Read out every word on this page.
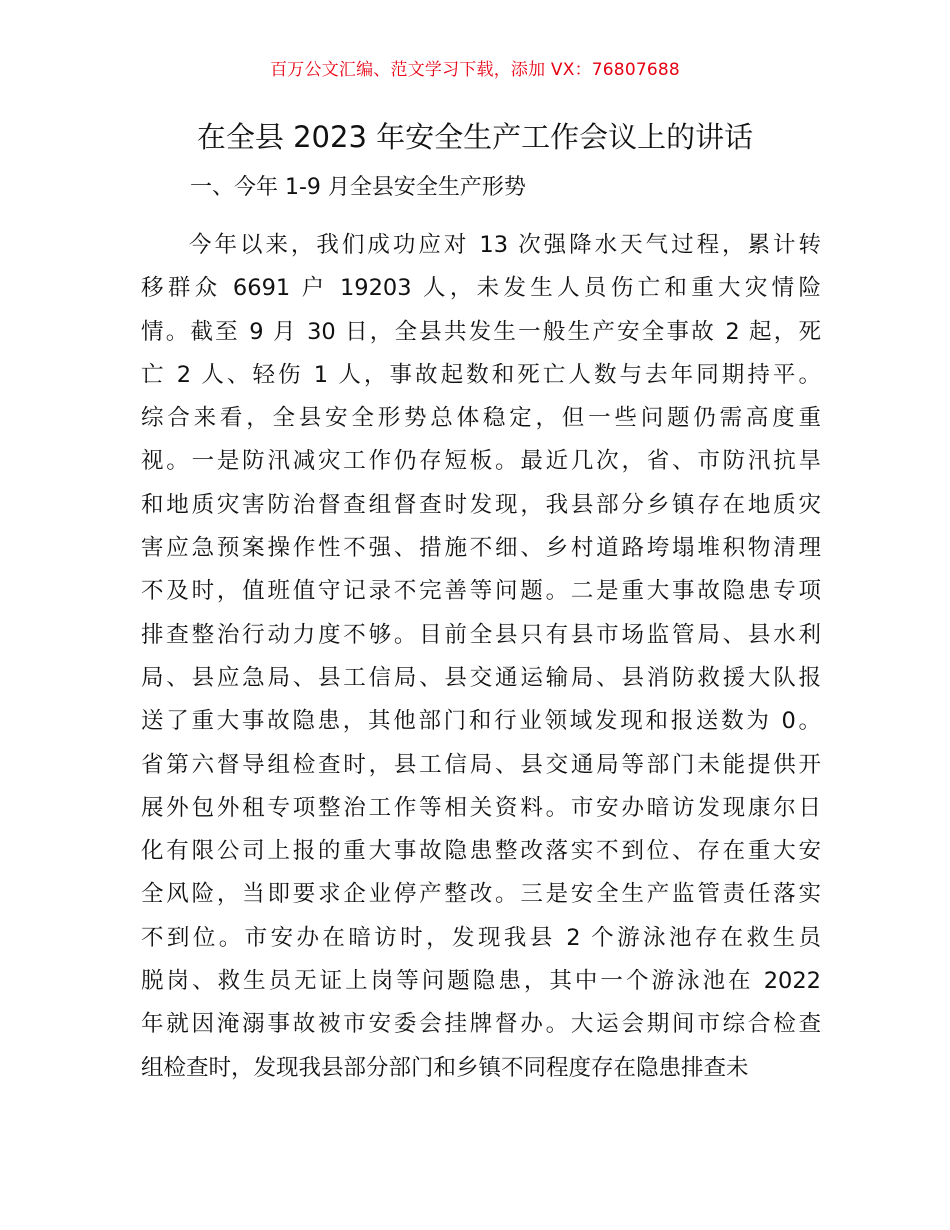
百万公文汇编、范文学习下载，添加 VX：76807688
在全县 2023 年安全生产工作会议上的讲话
一、今年 1-9 月全县安全生产形势
今年以来，我们成功应对 13 次强降水天气过程，累计转
移群众 6691 户 19203 人，未发生人员伤亡和重大灾情险
情。截至 9 月 30 日，全县共发生一般生产安全事故 2 起，死
亡 2 人、轻伤 1 人，事故起数和死亡人数与去年同期持平。
综合来看，全县安全形势总体稳定，但一些问题仍需高度重
视。一是防汛减灾工作仍存短板。最近几次，省、市防汛抗旱
和地质灾害防治督查组督查时发现，我县部分乡镇存在地质灾
害应急预案操作性不强、措施不细、乡村道路垮塌堆积物清理
不及时，值班值守记录不完善等问题。二是重大事故隐患专项
排查整治行动力度不够。目前全县只有县市场监管局、县水利
局、县应急局、县工信局、县交通运输局、县消防救援大队报
送了重大事故隐患，其他部门和行业领域发现和报送数为 0。
省第六督导组检查时，县工信局、县交通局等部门未能提供开
展外包外租专项整治工作等相关资料。市安办暗访发现康尔日
化有限公司上报的重大事故隐患整改落实不到位、存在重大安
全风险，当即要求企业停产整改。三是安全生产监管责任落实
不到位。市安办在暗访时，发现我县 2 个游泳池存在救生员
脱岗、救生员无证上岗等问题隐患，其中一个游泳池在 2022
年就因淹溺事故被市安委会挂牌督办。大运会期间市综合检查
组检查时，发现我县部分部门和乡镇不同程度存在隐患排查未
